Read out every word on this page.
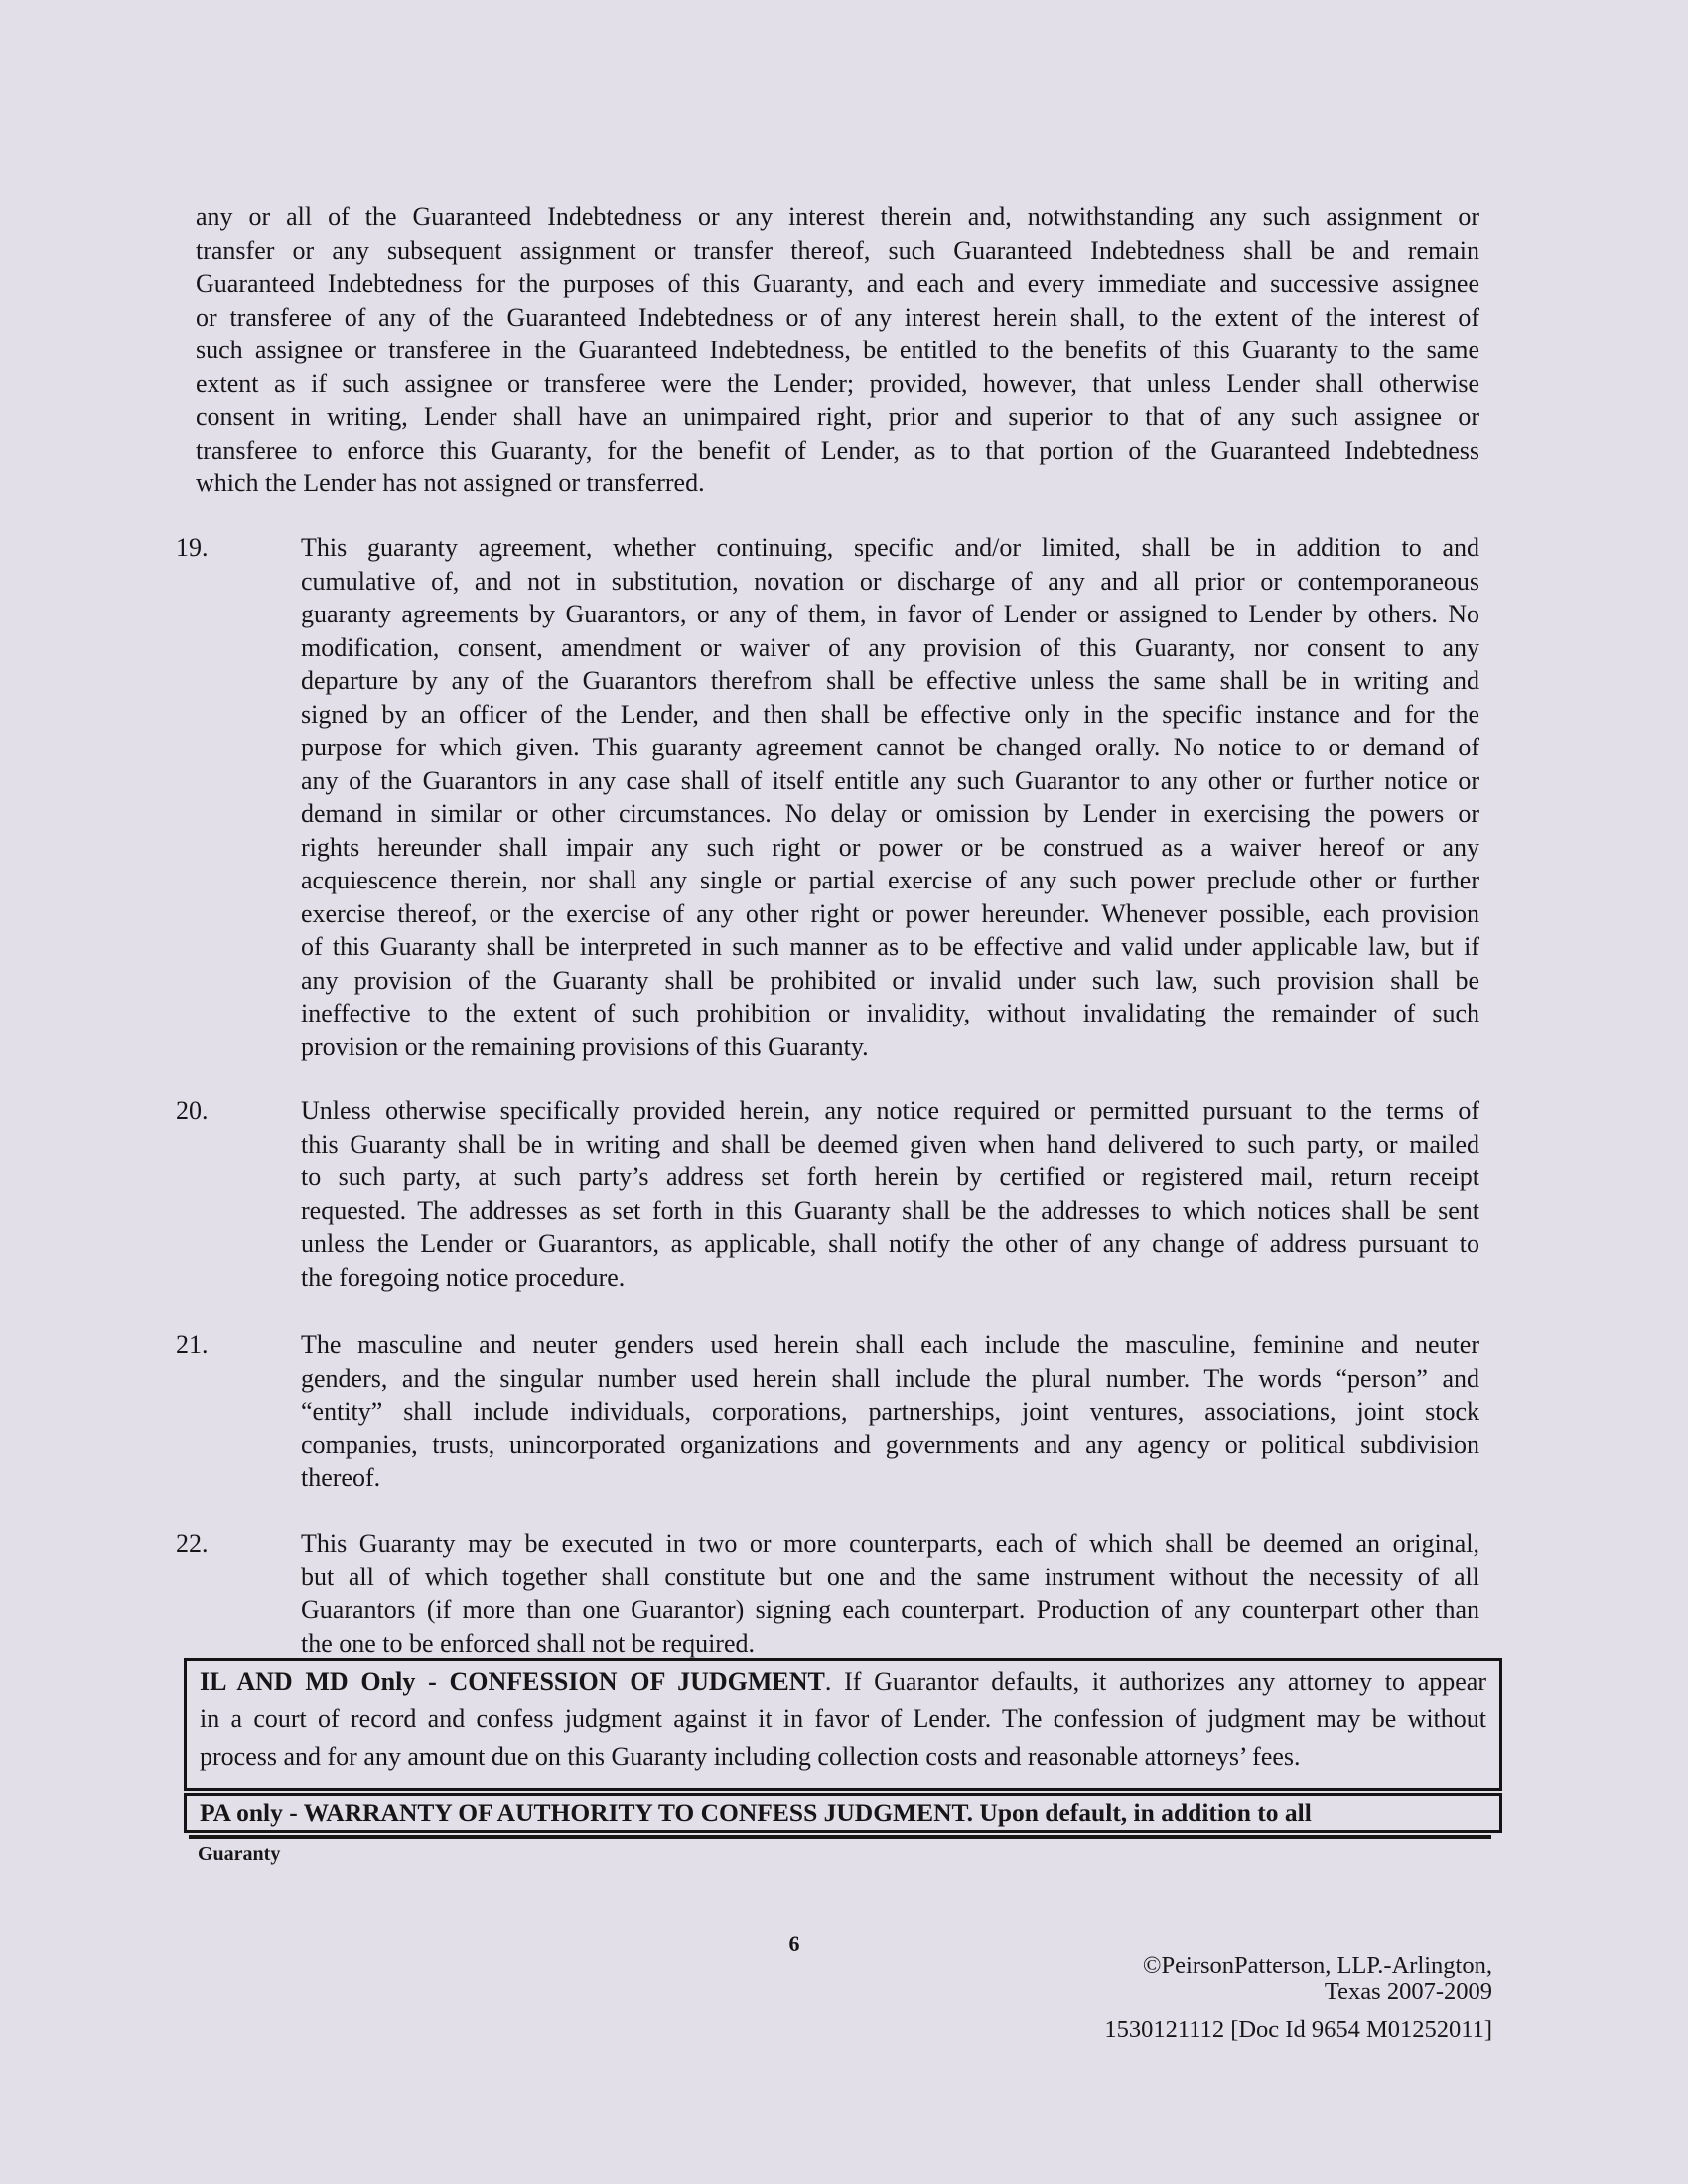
any or all of the Guaranteed Indebtedness or any interest therein and, notwithstanding any such assignment or
transfer or any subsequent assignment or transfer thereof, such Guaranteed Indebtedness shall be and remain
Guaranteed Indebtedness for the purposes of this Guaranty, and each and every immediate and successive assignee
or transferee of any of the Guaranteed Indebtedness or of any interest herein shall, to the extent of the interest of
such assignee or transferee in the Guaranteed Indebtedness, be entitled to the benefits of this Guaranty to the same
extent as if such assignee or transferee were the Lender; provided, however, that unless Lender shall otherwise
consent in writing, Lender shall have an unimpaired right, prior and superior to that of any such assignee or
transferee to enforce this Guaranty, for the benefit of Lender, as to that portion of the Guaranteed Indebtedness
which the Lender has not assigned or transferred.
19.	This guaranty agreement, whether continuing, specific and/or limited, shall be in addition to and
cumulative of, and not in substitution, novation or discharge of any and all prior or contemporaneous
guaranty agreements by Guarantors, or any of them, in favor of Lender or assigned to Lender by others. No
modification, consent, amendment or waiver of any provision of this Guaranty, nor consent to any
departure by any of the Guarantors therefrom shall be effective unless the same shall be in writing and
signed by an officer of the Lender, and then shall be effective only in the specific instance and for the
purpose for which given. This guaranty agreement cannot be changed orally. No notice to or demand of
any of the Guarantors in any case shall of itself entitle any such Guarantor to any other or further notice or
demand in similar or other circumstances. No delay or omission by Lender in exercising the powers or
rights hereunder shall impair any such right or power or be construed as a waiver hereof or any
acquiescence therein, nor shall any single or partial exercise of any such power preclude other or further
exercise thereof, or the exercise of any other right or power hereunder. Whenever possible, each provision
of this Guaranty shall be interpreted in such manner as to be effective and valid under applicable law, but if
any provision of the Guaranty shall be prohibited or invalid under such law, such provision shall be
ineffective to the extent of such prohibition or invalidity, without invalidating the remainder of such
provision or the remaining provisions of this Guaranty.
20.	Unless otherwise specifically provided herein, any notice required or permitted pursuant to the terms of
this Guaranty shall be in writing and shall be deemed given when hand delivered to such party, or mailed
to such party, at such party’s address set forth herein by certified or registered mail, return receipt
requested. The addresses as set forth in this Guaranty shall be the addresses to which notices shall be sent
unless the Lender or Guarantors, as applicable, shall notify the other of any change of address pursuant to
the foregoing notice procedure.
21.	The masculine and neuter genders used herein shall each include the masculine, feminine and neuter
genders, and the singular number used herein shall include the plural number. The words “person” and
“entity” shall include individuals, corporations, partnerships, joint ventures, associations, joint stock
companies, trusts, unincorporated organizations and governments and any agency or political subdivision
thereof.
22.	This Guaranty may be executed in two or more counterparts, each of which shall be deemed an original,
but all of which together shall constitute but one and the same instrument without the necessity of all
Guarantors (if more than one Guarantor) signing each counterpart. Production of any counterpart other than
the one to be enforced shall not be required.
IL AND MD Only - CONFESSION OF JUDGMENT. If Guarantor defaults, it authorizes any attorney to appear
in a court of record and confess judgment against it in favor of Lender. The confession of judgment may be without
process and for any amount due on this Guaranty including collection costs and reasonable attorneys’ fees.
PA only - WARRANTY OF AUTHORITY TO CONFESS JUDGMENT. Upon default, in addition to all
Guaranty
6
©PeirsonPatterson, LLP.-Arlington,
Texas 2007-2009
1530121112 [Doc Id 9654 M01252011]
